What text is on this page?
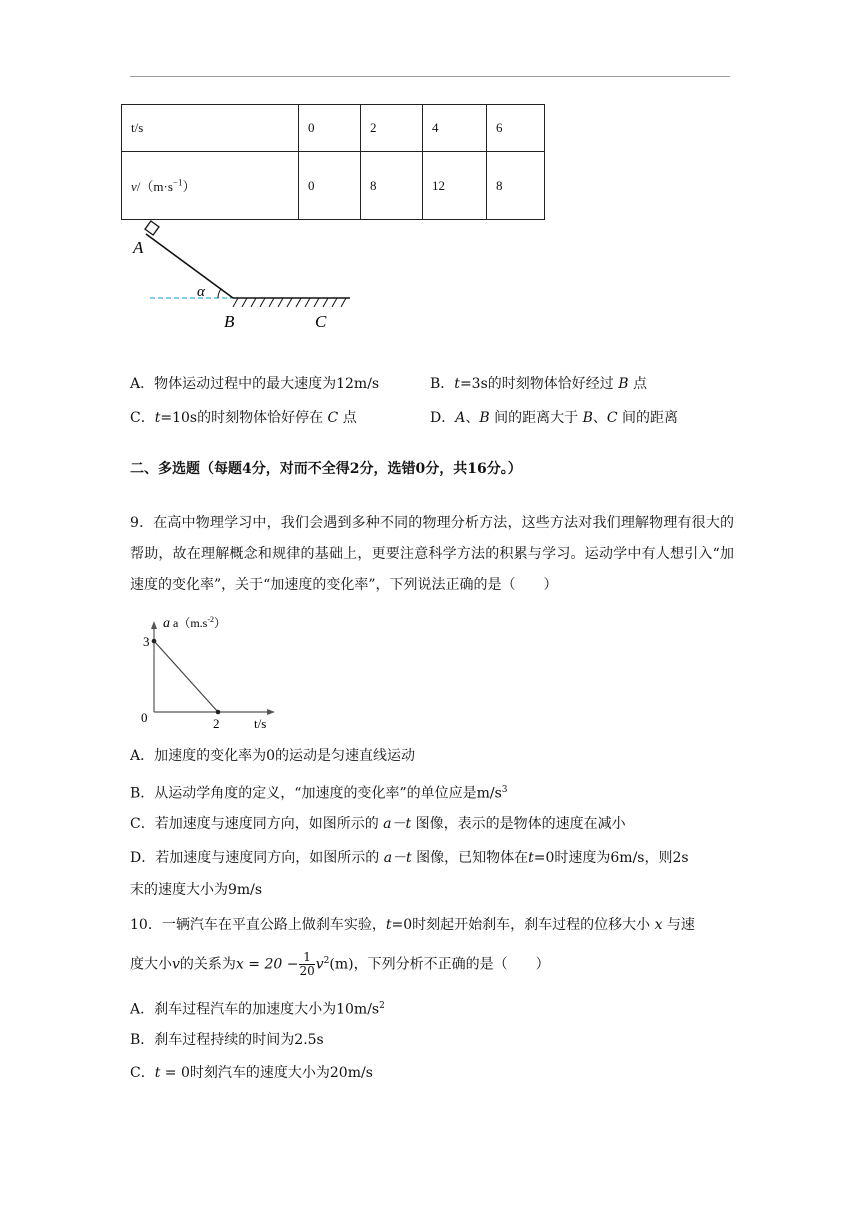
t/s	0	2	4	6
$v/(m\cdot s^{-1})$	0	8	12	8
A
α
B	C
A．物体运动过程中的最大速度为12m/s	B．t=3s的时刻物体恰好经过 B 点
C．t=10s的时刻物体恰好停在 C 点	D．A、B 间的距离大于 B、C 间的距离
二、多选题（每题4分，对而不全得2分，选错0分，共16分。）
9．在高中物理学习中，我们会遇到多种不同的物理分析方法，这些方法对我们理解物理有很大的帮助，故在理解概念和规律的基础上，更要注意科学方法的积累与学习。运动学中有人想引入“加速度的变化率”，关于“加速度的变化率”，下列说法正确的是（　　）
a $a(m.s^{-2})$
3
0	2	t/s
A．加速度的变化率为0的运动是匀速直线运动
B．从运动学角度的定义，“加速度的变化率”的单位应是$m/s^3$
C．若加速度与速度同方向，如图所示的 a－t 图像，表示的是物体的速度在减小
D．若加速度与速度同方向，如图所示的 a－t 图像，已知物体在t=0时速度为6m/s，则2s
末的速度大小为9m/s
10．一辆汽车在平直公路上做刹车实验，t=0时刻起开始刹车，刹车过程的位移大小 x 与速
度大小v的关系为$x = 20 - \frac{1}{20} v^2(m)$，下列分析不正确的是（　　）
A．刹车过程汽车的加速度大小为$10m/s^2$
B．刹车过程持续的时间为2.5s
C．t = 0时刻汽车的速度大小为20m/s
